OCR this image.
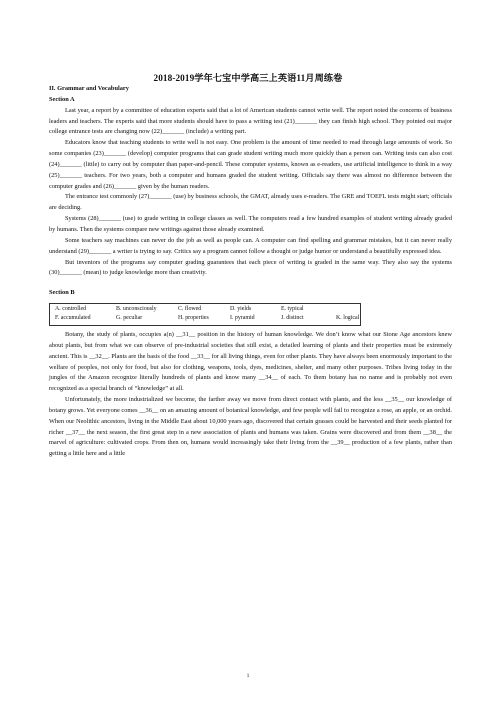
2018-2019学年七宝中学高三上英语11月周练卷
II. Grammar and Vocabulary
Section A

Last year, a report by a committee of education experts said that a lot of American students cannot write well. The report noted the concerns of business leaders and teachers. The experts said that more students should have to pass a writing test (21)_______ they can finish high school. They pointed out major college entrance tests are changing now (22)_______ (include) a writing part.

Educators know that teaching students to write well is not easy. One problem is the amount of time needed to read through large amounts of work. So some companies (23)_______ (develop) computer programs that can grade student writing much more quickly than a person can. Writing tests can also cost (24)_______ (little) to carry out by computer than paper-and-pencil. These computer systems, known as e-readers, use artificial intelligence to think in a way (25)_______ teachers. For two years, both a computer and humans graded the student writing. Officials say there was almost no difference between the computer grades and (26)_______ given by the human readers.

The entrance test commonly (27)_______ (use) by business schools, the GMAT, already uses e-readers. The GRE and TOEFL tests might start; officials are deciding.

Systems (28)_______ (use) to grade writing in college classes as well. The computers read a few hundred examples of student writing already graded by humans. Then the systems compare new writings against those already examined.

Some teachers say machines can never do the job as well as people can. A computer can find spelling and grammar mistakes, but it can never really understand (29)_______ a writer is trying to say. Critics say a program cannot follow a thought or judge humor or understand a beautifully expressed idea.

But inventors of the programs say computer grading guarantees that each piece of writing is graded in the same way. They also say the systems (30)_______ (mean) to judge knowledge more than creativity.

Section B
A. controlled	B. unconsciously	C. flowed	D. yields	E. typical
F. accumulated	G. peculiar	H. properties	I. pyramid	J. distinct	K. logical

Botany, the study of plants, occupies a(n) __31__ position in the history of human knowledge. We don’t know what our Stone Age ancestors knew about plants, but from what we can observe of pre-industrial societies that still exist, a detailed learning of plants and their properties must be extremely ancient. This is __32__. Plants are the basis of the food __33__ for all living things, even for other plants. They have always been enormously important to the welfare of peoples, not only for food, but also for clothing, weapons, tools, dyes, medicines, shelter, and many other purposes. Tribes living today in the jungles of the Amazon recognize literally hundreds of plants and know many __34__ of each. To them botany has no name and is probably not even recognized as a special branch of “knowledge” at all.

Unfortunately, the more industrialized we become, the farther away we move from direct contact with plants, and the less __35__ our knowledge of botany grows. Yet everyone comes __36__ on an amazing amount of botanical knowledge, and few people will fail to recognize a rose, an apple, or an orchid. When our Neolithic ancestors, living in the Middle East about 10,000 years ago, discovered that certain grasses could be harvested and their seeds planted for richer __37__ the next season, the first great step in a new association of plants and humans was taken. Grains were discovered and from them __38__ the marvel of agriculture: cultivated crops. From then on, humans would increasingly take their living from the __39__ production of a few plants, rather than getting a little here and a little

1
